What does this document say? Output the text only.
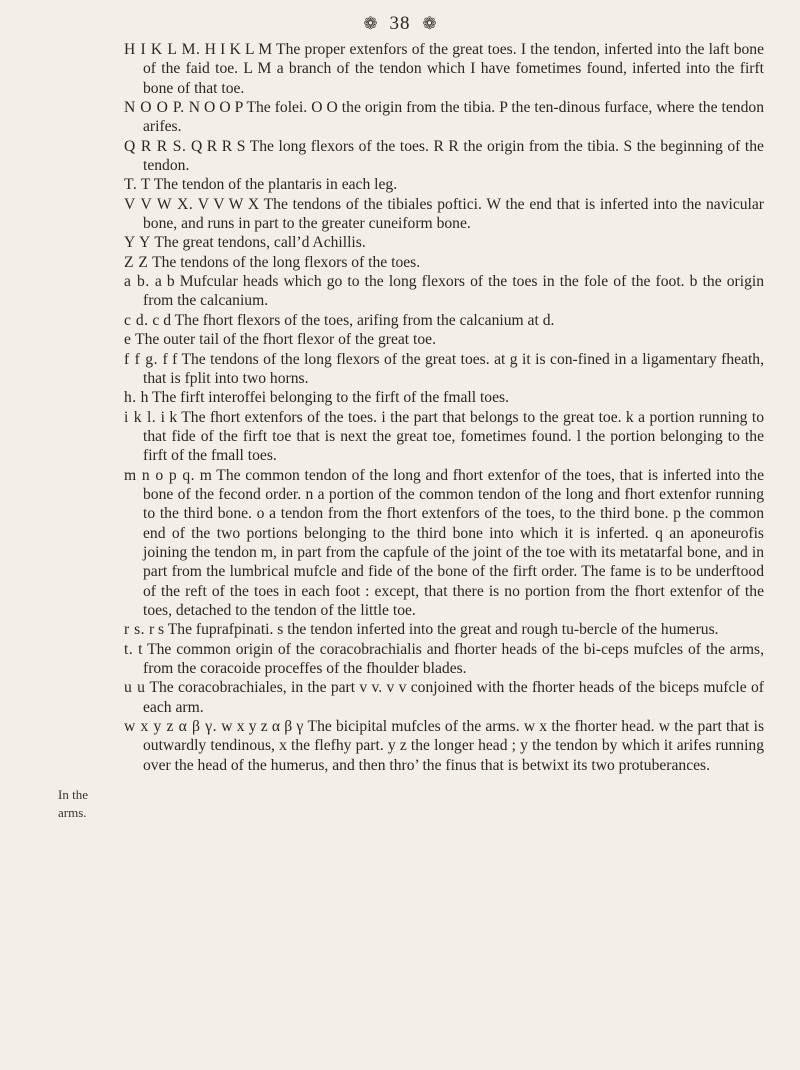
❁ 38 ❁
In the arms.

H I K L M. H I K L M The proper extenfors of the great toes. I the tendon, inferted into the laft bone of the faid toe. L M a branch of the tendon which I have fometimes found, inferted into the firft bone of that toe.

N O O P. N O O P The folei. O O the origin from the tibia. P the ten-dinous furface, where the tendon arifes.

Q R R S. Q R R S The long flexors of the toes. R R the origin from the tibia. S the beginning of the tendon.

T. T The tendon of the plantaris in each leg.

V V W X. V V W X The tendons of the tibiales poftici. W the end that is inferted into the navicular bone, and runs in part to the greater cuneiform bone.

Y Y The great tendons, call’d Achillis.

Z Z The tendons of the long flexors of the toes.

a b. a b Mufcular heads which go to the long flexors of the toes in the fole of the foot. b the origin from the calcanium.

c d. c d The fhort flexors of the toes, arifing from the calcanium at d.

e The outer tail of the fhort flexor of the great toe.

f f g. f f The tendons of the long flexors of the great toes. at g it is con-fined in a ligamentary fheath, that is fplit into two horns.

h. h The firft interoffei belonging to the firft of the fmall toes.

i k l. i k The fhort extenfors of the toes. i the part that belongs to the great toe. k a portion running to that fide of the firft toe that is next the great toe, fometimes found. l the portion belonging to the firft of the fmall toes.

m n o p q. m The common tendon of the long and fhort extenfor of the toes, that is inferted into the bone of the fecond order. n a portion of the common tendon of the long and fhort extenfor running to the third bone. o a tendon from the fhort extenfors of the toes, to the third bone. p the common end of the two portions belonging to the third bone into which it is inferted. q an aponeurofis joining the tendon m, in part from the capfule of the joint of the toe with its metatarfal bone, and in part from the lumbrical mufcle and fide of the bone of the firft order. The fame is to be underftood of the reft of the toes in each foot : except, that there is no portion from the fhort extenfor of the toes, detached to the tendon of the little toe.

r s. r s The fuprafpinati. s the tendon inferted into the great and rough tu-bercle of the humerus.

t. t The common origin of the coracobrachialis and fhorter heads of the bi-ceps mufcles of the arms, from the coracoide proceffes of the fhoulder blades.

u u The coracobrachiales, in the part v v. v v conjoined with the fhorter heads of the biceps mufcle of each arm.

w x y z α β γ. w x y z α β γ The bicipital mufcles of the arms. w x the fhorter head. w the part that is outwardly tendinous, x the flefhy part. y z the longer head ; y the tendon by which it arifes running over the head of the humerus, and then thro’ the finus that is betwixt its two protuberances.
